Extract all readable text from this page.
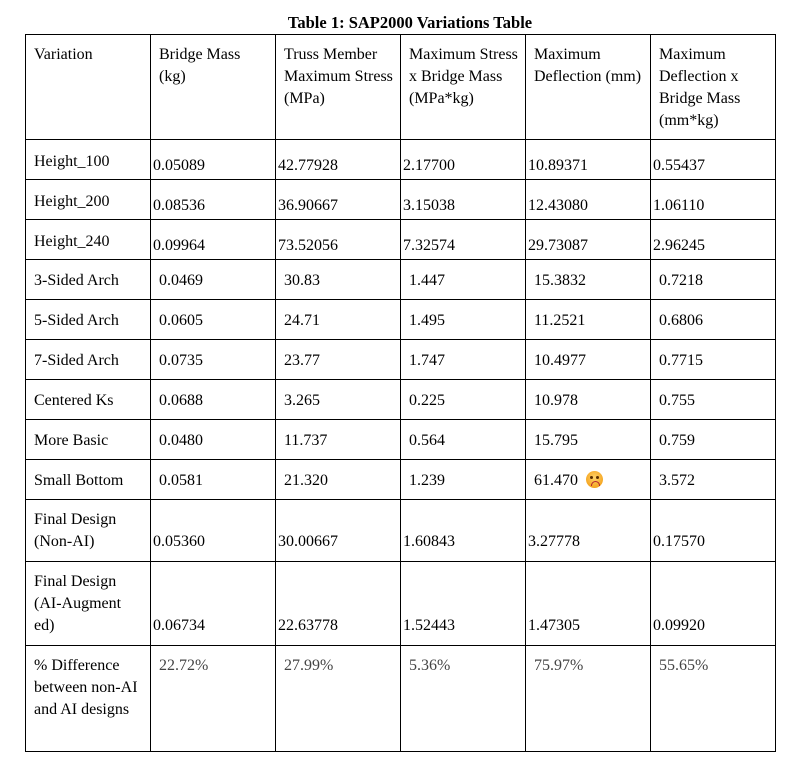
Table 1: SAP2000 Variations Table
Variation	Bridge Mass (kg)	Truss Member Maximum Stress (MPa)	Maximum Stress x Bridge Mass (MPa*kg)	Maximum Deflection (mm)	Maximum Deflection x Bridge Mass (mm*kg)

Height_100	0.05089	42.77928	2.17700	10.89371	0.55437

Height_200	0.08536	36.90667	3.15038	12.43080	1.06110

Height_240	0.09964	73.52056	7.32574	29.73087	2.96245

3-Sided Arch	0.0469	30.83	1.447	15.3832	0.7218

5-Sided Arch	0.0605	24.71	1.495	11.2521	0.6806

7-Sided Arch	0.0735	23.77	1.747	10.4977	0.7715

Centered Ks	0.0688	3.265	0.225	10.978	0.755

More Basic	0.0480	11.737	0.564	15.795	0.759

Small Bottom	0.0581	21.320	1.239	61.470	3.572

Final Design (Non-AI)	0.05360	30.00667	1.60843	3.27778	0.17570

Final Design (AI-Augment ed)	0.06734	22.63778	1.52443	1.47305	0.09920

% Difference between non-AI and AI designs	22.72%	27.99%	5.36%	75.97%	55.65%
